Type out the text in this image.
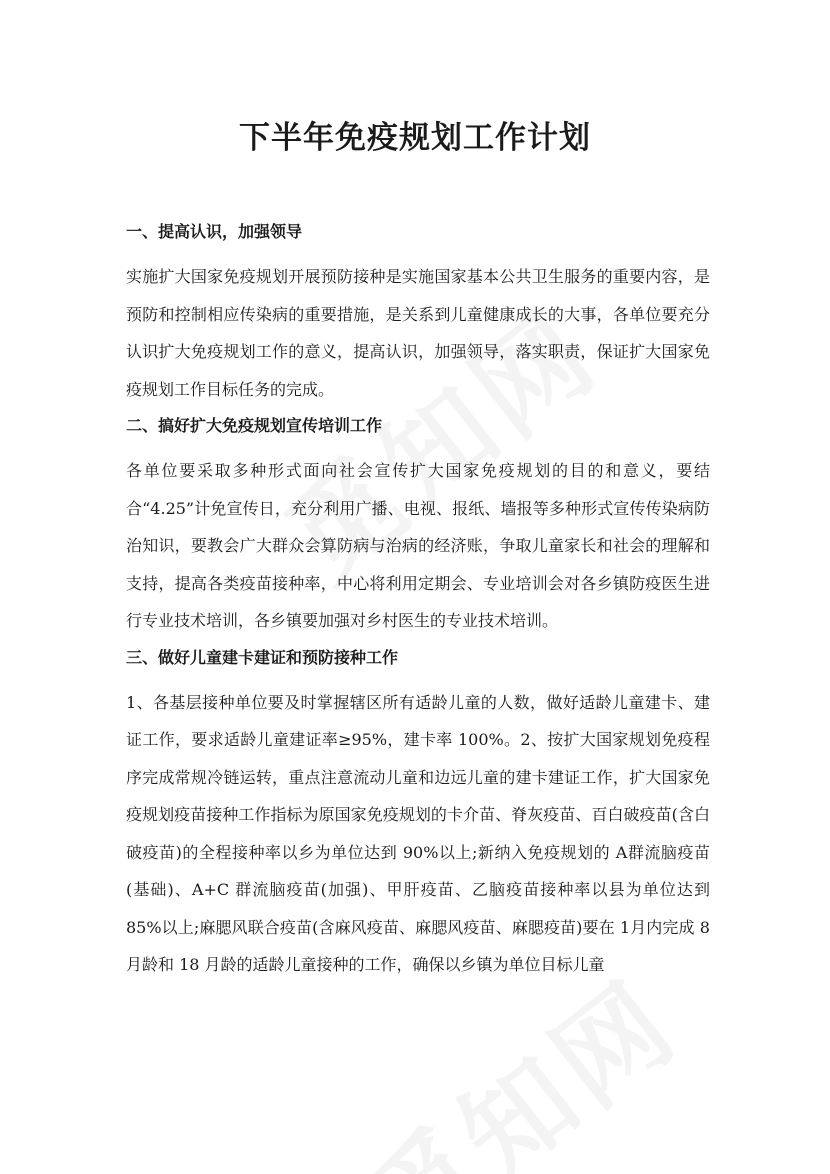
下半年免疫规划工作计划
一、提高认识，加强领导

实施扩大国家免疫规划开展预防接种是实施国家基本公共卫生服务的重要内容，是预防和控制相应传染病的重要措施，是关系到儿童健康成长的大事，各单位要充分认识扩大免疫规划工作的意义，提高认识，加强领导，落实职责，保证扩大国家免疫规划工作目标任务的完成。

二、搞好扩大免疫规划宣传培训工作

各单位要采取多种形式面向社会宣传扩大国家免疫规划的目的和意义，要结合“4.25”计免宣传日，充分利用广播、电视、报纸、墙报等多种形式宣传传染病防治知识，要教会广大群众会算防病与治病的经济账，争取儿童家长和社会的理解和支持，提高各类疫苗接种率，中心将利用定期会、专业培训会对各乡镇防疫医生进行专业技术培训，各乡镇要加强对乡村医生的专业技术培训。

三、做好儿童建卡建证和预防接种工作

1、各基层接种单位要及时掌握辖区所有适龄儿童的人数，做好适龄儿童建卡、建证工作，要求适龄儿童建证率≥95%，建卡率 100%。2、按扩大国家规划免疫程序完成常规冷链运转，重点注意流动儿童和边远儿童的建卡建证工作，扩大国家免疫规划疫苗接种工作指标为原国家免疫规划的卡介苗、脊灰疫苗、百白破疫苗(含白破疫苗)的全程接种率以乡为单位达到 90%以上;新纳入免疫规划的 A群流脑疫苗(基础)、A+C 群流脑疫苗(加强)、甲肝疫苗、乙脑疫苗接种率以县为单位达到 85%以上;麻腮风联合疫苗(含麻风疫苗、麻腮风疫苗、麻腮疫苗)要在 1月内完成 8 月龄和 18 月龄的适龄儿童接种的工作，确保以乡镇为单位目标儿童
